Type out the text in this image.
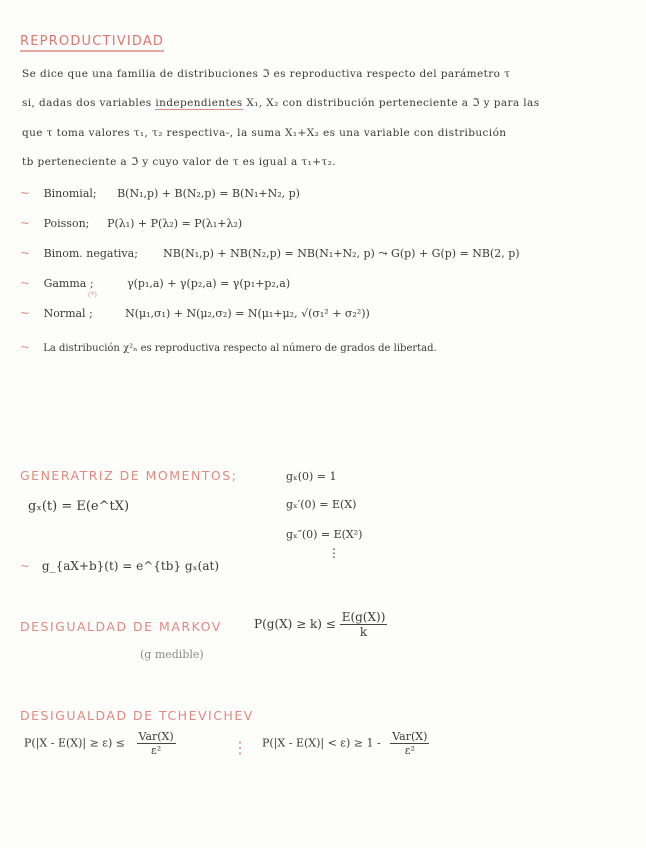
REPRODUCTIVIDAD
Se dice que una familia de distribuciones ℑ es reproductiva respecto del parámetro τ
si, dadas dos variables independientes X₁, X₂ con distribución perteneciente a ℑ y para las
que τ toma valores τ₁, τ₂ respectiva-, la suma X₁+X₂ es una variable con distribución
tb perteneciente a ℑ y cuyo valor de τ es igual a τ₁+τ₂.
~ Binomial; B(N₁,p) + B(N₂,p) = B(N₁+N₂, p)
~ Poisson; P(λ₁) + P(λ₂) = P(λ₁+λ₂)
~ Binom. negativa; NB(N₁,p) + NB(N₂,p) = NB(N₁+N₂, p) ⤳ G(p) + G(p) = NB(2, p)
~ Gamma ;	γ(p₁,a) + γ(p₂,a) = γ(p₁+p₂,a)
(*)
~ Normal ;	N(μ₁,σ₁) + N(μ₂,σ₂) = N(μ₁+μ₂, √(σ₁² + σ₂²))
~ La distribución χ²ₙ es reproductiva respecto al número de grados de libertad.
GENERATRIZ DE MOMENTOS;
gₓ(t) = E(e^tX)
gₓ(0) = 1
gₓ′(0) = E(X)
gₓ″(0) = E(X²)
⋮
~ g_{aX+b}(t) = e^{tb} gₓ(at)
DESIGUALDAD DE MARKOV	$P(g(X) \ge k) \le \frac{E(g(X))}{k}$
(g medible)
DESIGUALDAD DE TCHEVICHEV
$P(|X - E(X)| \ge \varepsilon) \le \frac{\text{Var(X)}}{\text{ε²}}$	⋮ $P(|X - E(X)| < \varepsilon) \ge 1 - \frac{\text{Var(X)}}{\text{ε²}}$
